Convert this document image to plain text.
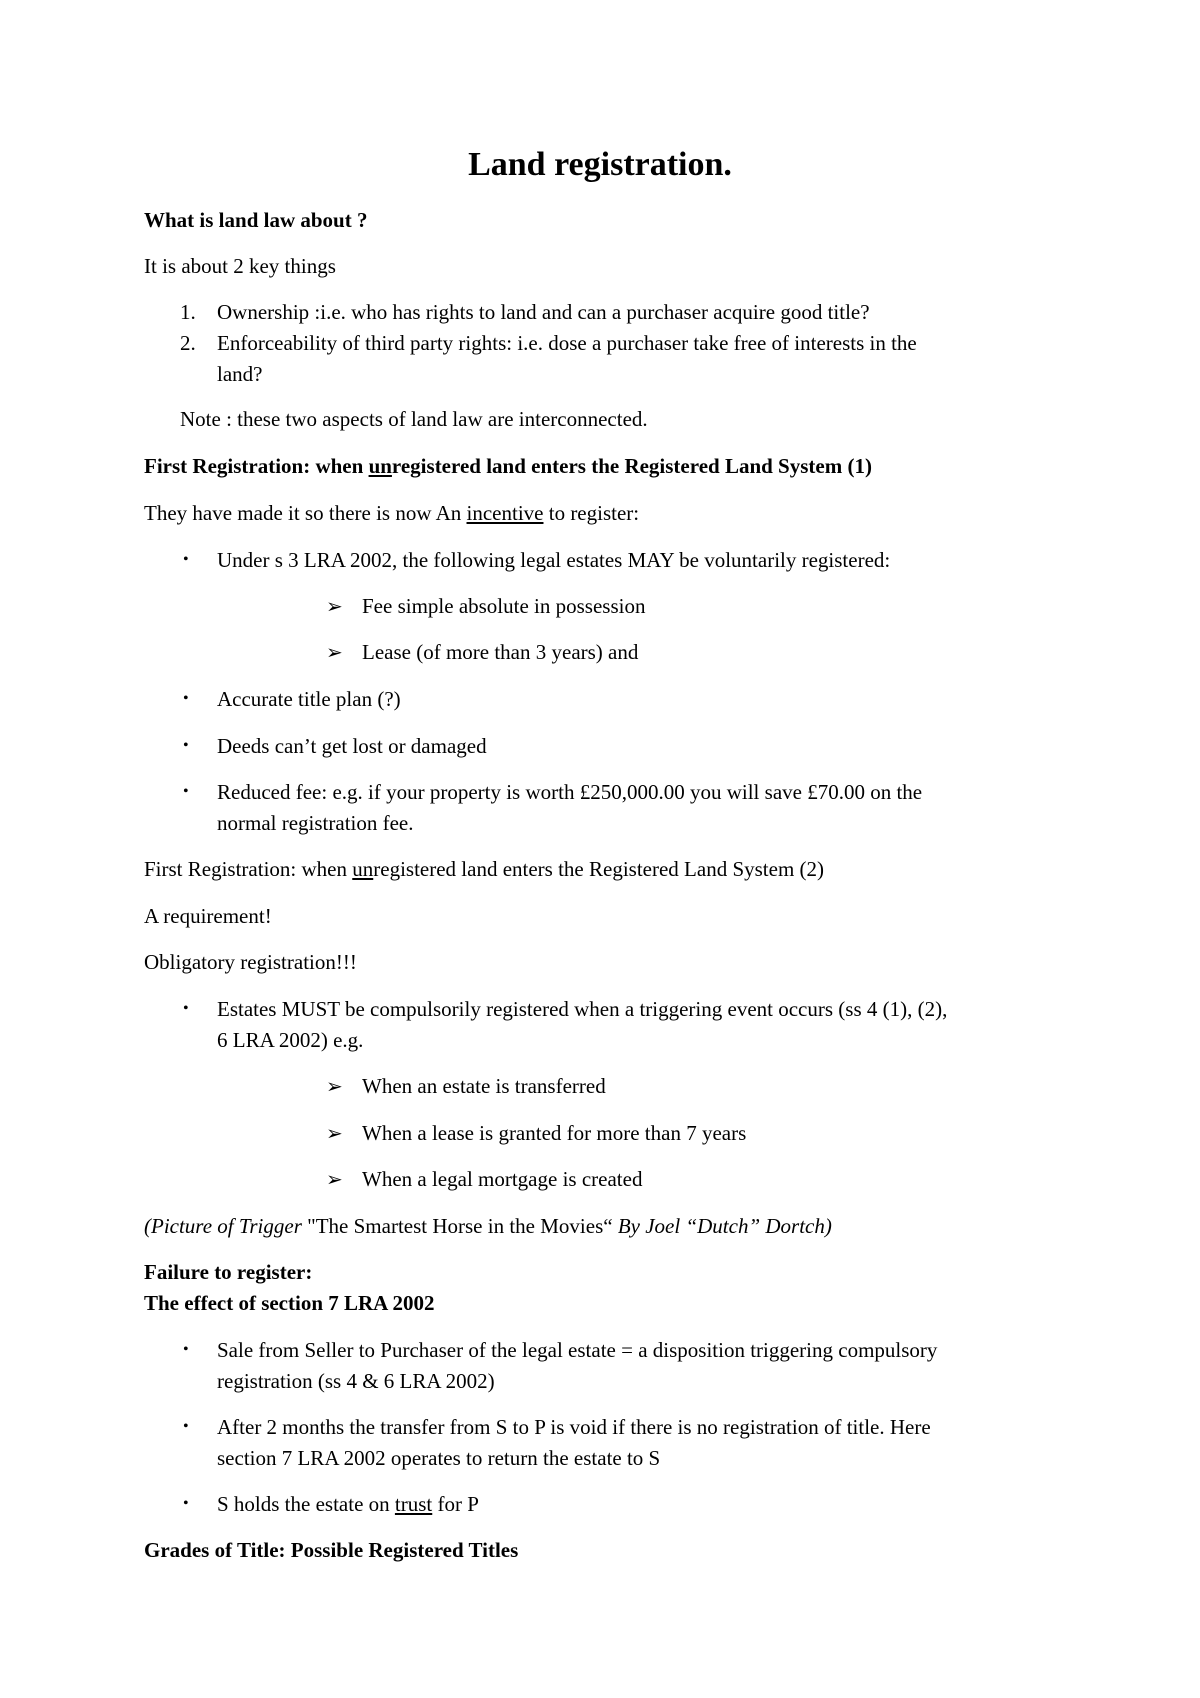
Land registration.
What is land law about ?
It is about 2 key things
1. Ownership :i.e. who has rights to land and can a purchaser acquire good title?
2. Enforceability of third party rights: i.e. dose a purchaser take free of interests in the
land?
Note : these two aspects of land law are interconnected.
First Registration: when unregistered land enters the Registered Land System (1)
They have made it so there is now An incentive to register:
• Under s 3 LRA 2002, the following legal estates MAY be voluntarily registered:
➢ Fee simple absolute in possession
➢ Lease (of more than 3 years) and
• Accurate title plan (?)
• Deeds can’t get lost or damaged
• Reduced fee: e.g. if your property is worth £250,000.00 you will save £70.00 on the
normal registration fee.
First Registration: when unregistered land enters the Registered Land System (2)
A requirement!
Obligatory registration!!!
• Estates MUST be compulsorily registered when a triggering event occurs (ss 4 (1), (2),
6 LRA 2002) e.g.
➢ When an estate is transferred
➢ When a lease is granted for more than 7 years
➢ When a legal mortgage is created
(Picture of Trigger "The Smartest Horse in the Movies“ By Joel “Dutch” Dortch)
Failure to register:
The effect of section 7 LRA 2002
• Sale from Seller to Purchaser of the legal estate = a disposition triggering compulsory
registration (ss 4 & 6 LRA 2002)
• After 2 months the transfer from S to P is void if there is no registration of title. Here
section 7 LRA 2002 operates to return the estate to S
• S holds the estate on trust for P
Grades of Title: Possible Registered Titles
